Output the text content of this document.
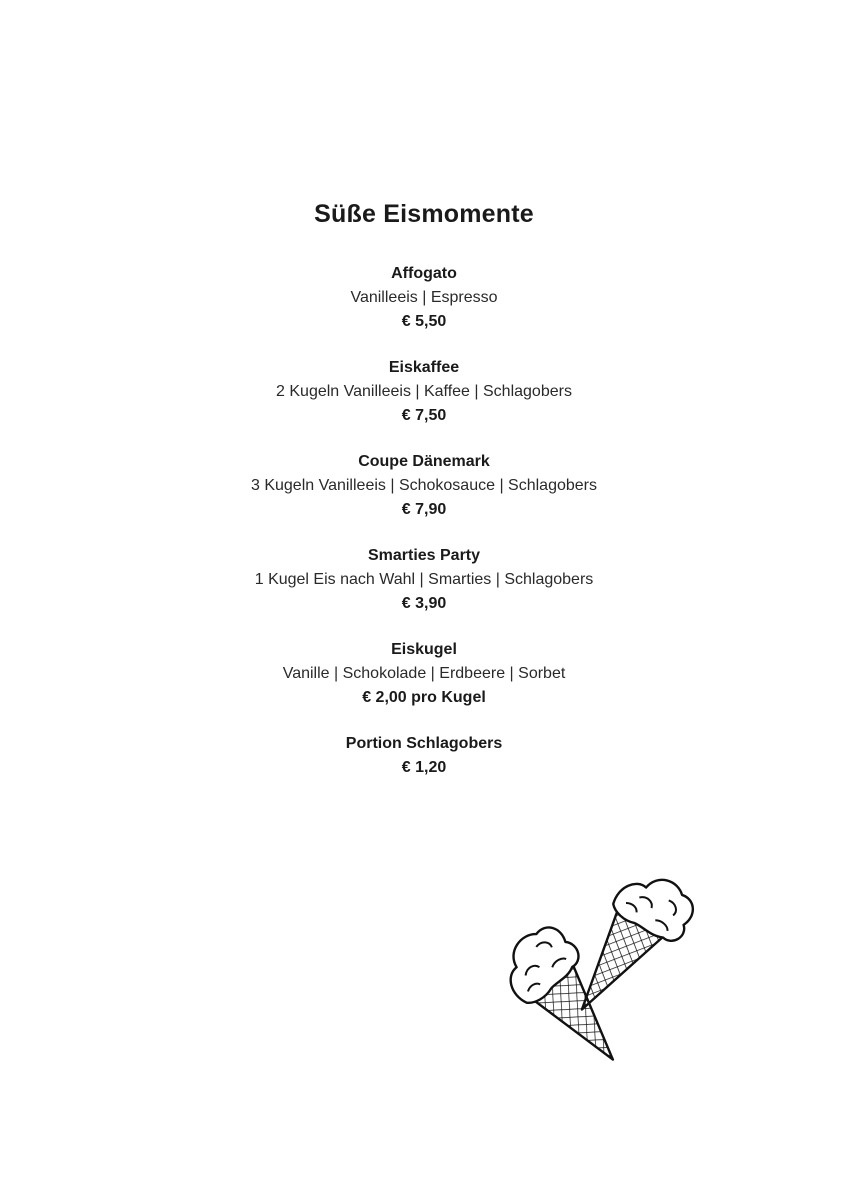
Süße Eismomente
Affogato
Vanilleeis | Espresso
€ 5,50
Eiskaffee
2 Kugeln Vanilleeis | Kaffee | Schlagobers
€ 7,50
Coupe Dänemark
3 Kugeln Vanilleeis | Schokosauce | Schlagobers
€ 7,90
Smarties Party
1 Kugel Eis nach Wahl | Smarties | Schlagobers
€ 3,90
Eiskugel
Vanille | Schokolade | Erdbeere | Sorbet
€ 2,00 pro Kugel
Portion Schlagobers
€ 1,20
